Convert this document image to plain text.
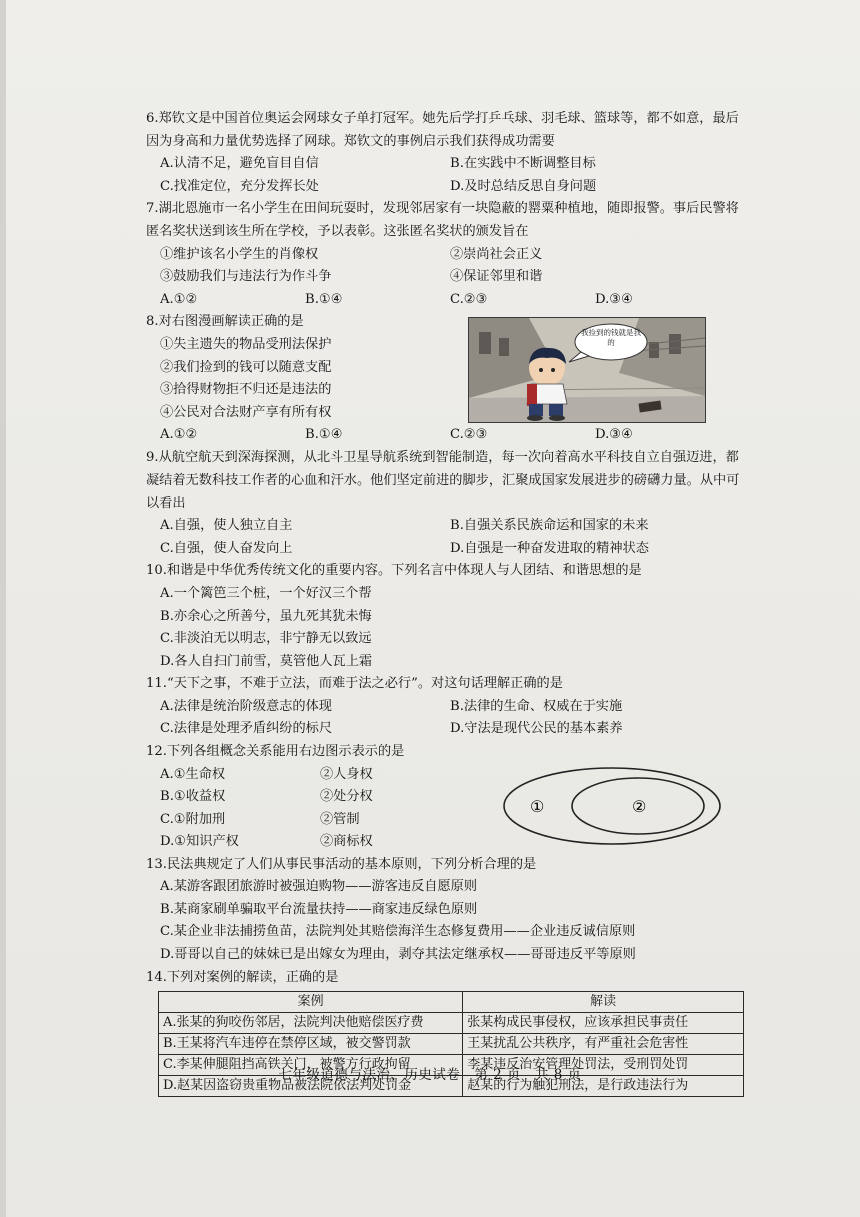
6.郑钦文是中国首位奥运会网球女子单打冠军。她先后学打乒乓球、羽毛球、篮球等，都不如意，最后因为身高和力量优势选择了网球。郑钦文的事例启示我们获得成功需要

A.认清不足，避免盲目自信	B.在实践中不断调整目标
C.找准定位，充分发挥长处	D.及时总结反思自身问题

7.湖北恩施市一名小学生在田间玩耍时，发现邻居家有一块隐蔽的罂粟种植地，随即报警。事后民警将匿名奖状送到该生所在学校，予以表彰。这张匿名奖状的颁发旨在

①维护该名小学生的肖像权	②崇尚社会正义
③鼓励我们与违法行为作斗争	④保证邻里和谐
A.①②	B.①④	C.②③	D.③④

8.对右图漫画解读正确的是

①失主遗失的物品受刑法保护
②我们捡到的钱可以随意支配
③拾得财物拒不归还是违法的
④公民对合法财产享有所有权
我捡到的钱就是我的
A.①②	B.①④	C.②③	D.③④

9.从航空航天到深海探测，从北斗卫星导航系统到智能制造，每一次向着高水平科技自立自强迈进，都凝结着无数科技工作者的心血和汗水。他们坚定前进的脚步，汇聚成国家发展进步的磅礴力量。从中可以看出

A.自强，使人独立自主	B.自强关系民族命运和国家的未来
C.自强，使人奋发向上	D.自强是一种奋发进取的精神状态

10.和谐是中华优秀传统文化的重要内容。下列名言中体现人与人团结、和谐思想的是

A.一个篱笆三个桩，一个好汉三个帮
B.亦余心之所善兮，虽九死其犹未悔
C.非淡泊无以明志，非宁静无以致远
D.各人自扫门前雪，莫管他人瓦上霜

11.“天下之事，不难于立法，而难于法之必行”。对这句话理解正确的是

A.法律是统治阶级意志的体现	B.法律的生命、权威在于实施
C.法律是处理矛盾纠纷的标尺	D.守法是现代公民的基本素养

12.下列各组概念关系能用右边图示表示的是

A.①生命权	②人身权
B.①收益权	②处分权
C.①附加刑	②管制
D.①知识产权	②商标权
①	②

13.民法典规定了人们从事民事活动的基本原则，下列分析合理的是

A.某游客跟团旅游时被强迫购物——游客违反自愿原则
B.某商家刷单骗取平台流量扶持——商家违反绿色原则
C.某企业非法捕捞鱼苗，法院判处其赔偿海洋生态修复费用——企业违反诚信原则
D.哥哥以自己的妹妹已是出嫁女为理由，剥夺其法定继承权——哥哥违反平等原则

14.下列对案例的解读，正确的是

案例	解读
A.张某的狗咬伤邻居，法院判决他赔偿医疗费	张某构成民事侵权，应该承担民事责任
B.王某将汽车违停在禁停区域，被交警罚款	王某扰乱公共秩序，有严重社会危害性
C.李某伸腿阻挡高铁关门，被警方行政拘留	李某违反治安管理处罚法，受刑罚处罚
D.赵某因盗窃贵重物品被法院依法判处罚金	赵某的行为触犯刑法，是行政违法行为
七年级道德与法治、历史试卷　第 2 页　共 8 页
